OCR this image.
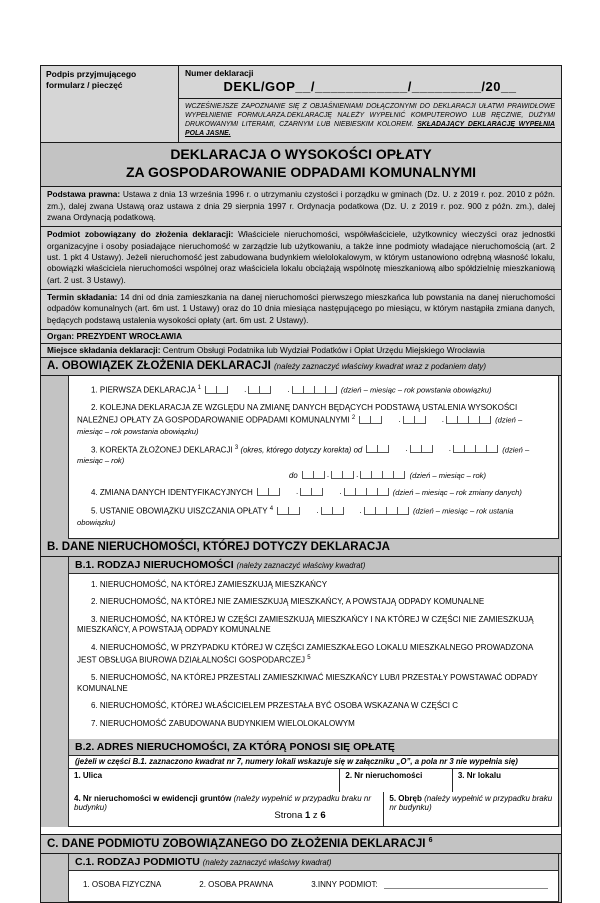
Podpis przyjmującego formularz / pieczęć
Numer deklaracji
DEKL/GOP__/____________/_________/20__
WCZEŚNIEJSZE ZAPOZNANIE SIĘ Z OBJAŚNIENIAMI DOŁĄCZONYMI DO DEKLARACJI UŁATWI PRAWIDŁOWE WYPEŁNIENIE FORMULARZA.DEKLARACJĘ NALEŻY WYPEŁNIĆ KOMPUTEROWO LUB RĘCZNIE, DUŻYMI DRUKOWANYMI LITERAMI, CZARNYM LUB NIEBIESKIM KOLOREM. SKŁADAJĄCY DEKLARACJĘ WYPEŁNIA POLA JASNE.
DEKLARACJA O WYSOKOŚCI OPŁATY
ZA GOSPODAROWANIE ODPADAMI KOMUNALNYMI
Podstawa prawna: Ustawa z dnia 13 września 1996 r. o utrzymaniu czystości i porządku w gminach (Dz. U. z 2019 r. poz. 2010 z późn. zm.), dalej zwana Ustawą oraz ustawa z dnia 29 sierpnia 1997 r. Ordynacja podatkowa (Dz. U. z 2019 r. poz. 900 z późn. zm.), dalej zwana Ordynacją podatkową.
Podmiot zobowiązany do złożenia deklaracji: Właściciele nieruchomości, współwłaściciele, użytkownicy wieczyści oraz jednostki organizacyjne i osoby posiadające nieruchomość w zarządzie lub użytkowaniu, a także inne podmioty władające nieruchomością (art. 2 ust. 1 pkt 4 Ustawy). Jeżeli nieruchomość jest zabudowana budynkiem wielolokalowym, w którym ustanowiono odrębną własność lokalu, obowiązki właściciela nieruchomości wspólnej oraz właściciela lokalu obciążają wspólnotę mieszkaniową albo spółdzielnię mieszkaniową (art. 2 ust. 3 Ustawy).
Termin składania: 14 dni od dnia zamieszkania na danej nieruchomości pierwszego mieszkańca lub powstania na danej nieruchomości odpadów komunalnych (art. 6m ust. 1 Ustawy) oraz do 10 dnia miesiąca następującego po miesiącu, w którym nastąpiła zmiana danych, będących podstawą ustalenia wysokości opłaty (art. 6m ust. 2 Ustawy).
Organ: PREZYDENT WROCŁAWIA
Miejsce składania deklaracji: Centrum Obsługi Podatnika lub Wydział Podatków i Opłat Urzędu Miejskiego Wrocławia
A. OBOWIĄZEK ZŁOŻENIA DEKLARACJI (należy zaznaczyć właściwy kwadrat wraz z podaniem daty)
1. PIERWSZA DEKLARACJA $^1$	.	.	(dzień – miesiąc – rok powstania obowiązku)
2. KOLEJNA DEKLARACJA ZE WZGLĘDU NA ZMIANĘ DANYCH BĘDĄCYCH PODSTAWĄ USTALENIA WYSOKOŚCI NALEŻNEJ OPŁATY ZA GOSPODAROWANIE ODPADAMI KOMUNALNYMI $^2$	.	.	(dzień – miesiąc – rok powstania obowiązku)
3. KOREKTA ZŁOŻONEJ DEKLARACJI $^3$ (okres, którego dotyczy korekta) od	.	.	(dzień – miesiąc – rok)
do	.	.	(dzień – miesiąc – rok)
4. ZMIANA DANYCH IDENTYFIKACYJNYCH	.	.	(dzień – miesiąc – rok zmiany danych)
5. USTANIE OBOWIĄZKU UISZCZANIA OPŁATY $^4$	.	.	(dzień – miesiąc – rok ustania obowiązku)
B. DANE NIERUCHOMOŚCI, KTÓREJ DOTYCZY DEKLARACJA
B.1. RODZAJ NIERUCHOMOŚCI (należy zaznaczyć właściwy kwadrat)
1. NIERUCHOMOŚĆ, NA KTÓREJ ZAMIESZKUJĄ MIESZKAŃCY
2. NIERUCHOMOŚĆ, NA KTÓREJ NIE ZAMIESZKUJĄ MIESZKAŃCY, A POWSTAJĄ ODPADY KOMUNALNE
3. NIERUCHOMOŚĆ, NA KTÓREJ W CZĘŚCI ZAMIESZKUJĄ MIESZKAŃCY I NA KTÓREJ W CZĘŚCI NIE ZAMIESZKUJĄ MIESZKAŃCY, A POWSTAJĄ ODPADY KOMUNALNE
4. NIERUCHOMOŚĆ, W PRZYPADKU KTÓREJ W CZĘŚCI ZAMIESZKAŁEGO LOKALU MIESZKALNEGO PROWADZONA JEST OBSŁUGA BIUROWA DZIAŁALNOŚCI GOSPODARCZEJ $^5$
5. NIERUCHOMOŚĆ, NA KTÓREJ PRZESTALI ZAMIESZKIWAĆ MIESZKAŃCY LUB/I PRZESTAŁY POWSTAWAĆ ODPADY KOMUNALNE
6. NIERUCHOMOŚĆ, KTÓREJ WŁAŚCICIELEM PRZESTAŁA BYĆ OSOBA WSKAZANA W CZĘŚCI C
7. NIERUCHOMOŚĆ ZABUDOWANA BUDYNKIEM WIELOLOKALOWYM
B.2. ADRES NIERUCHOMOŚCI, ZA KTÓRĄ PONOSI SIĘ OPŁATĘ
(jeżeli w części B.1. zaznaczono kwadrat nr 7, numery lokali wskazuje się w załączniku „O”, a pola nr 3 nie wypełnia się)
1. Ulica	2. Nr nieruchomości	3. Nr lokalu
4. Nr nieruchomości w ewidencji gruntów (należy wypełnić w przypadku braku nr budynku)
5. Obręb (należy wypełnić w przypadku braku nr budynku)
C. DANE PODMIOTU ZOBOWIĄZANEGO DO ZŁOŻENIA DEKLARACJI $^6$
C.1. RODZAJ PODMIOTU (należy zaznaczyć właściwy kwadrat)
1. OSOBA FIZYCZNA	2. OSOBA PRAWNA	3.INNY PODMIOT:
Strona 1 z 6
